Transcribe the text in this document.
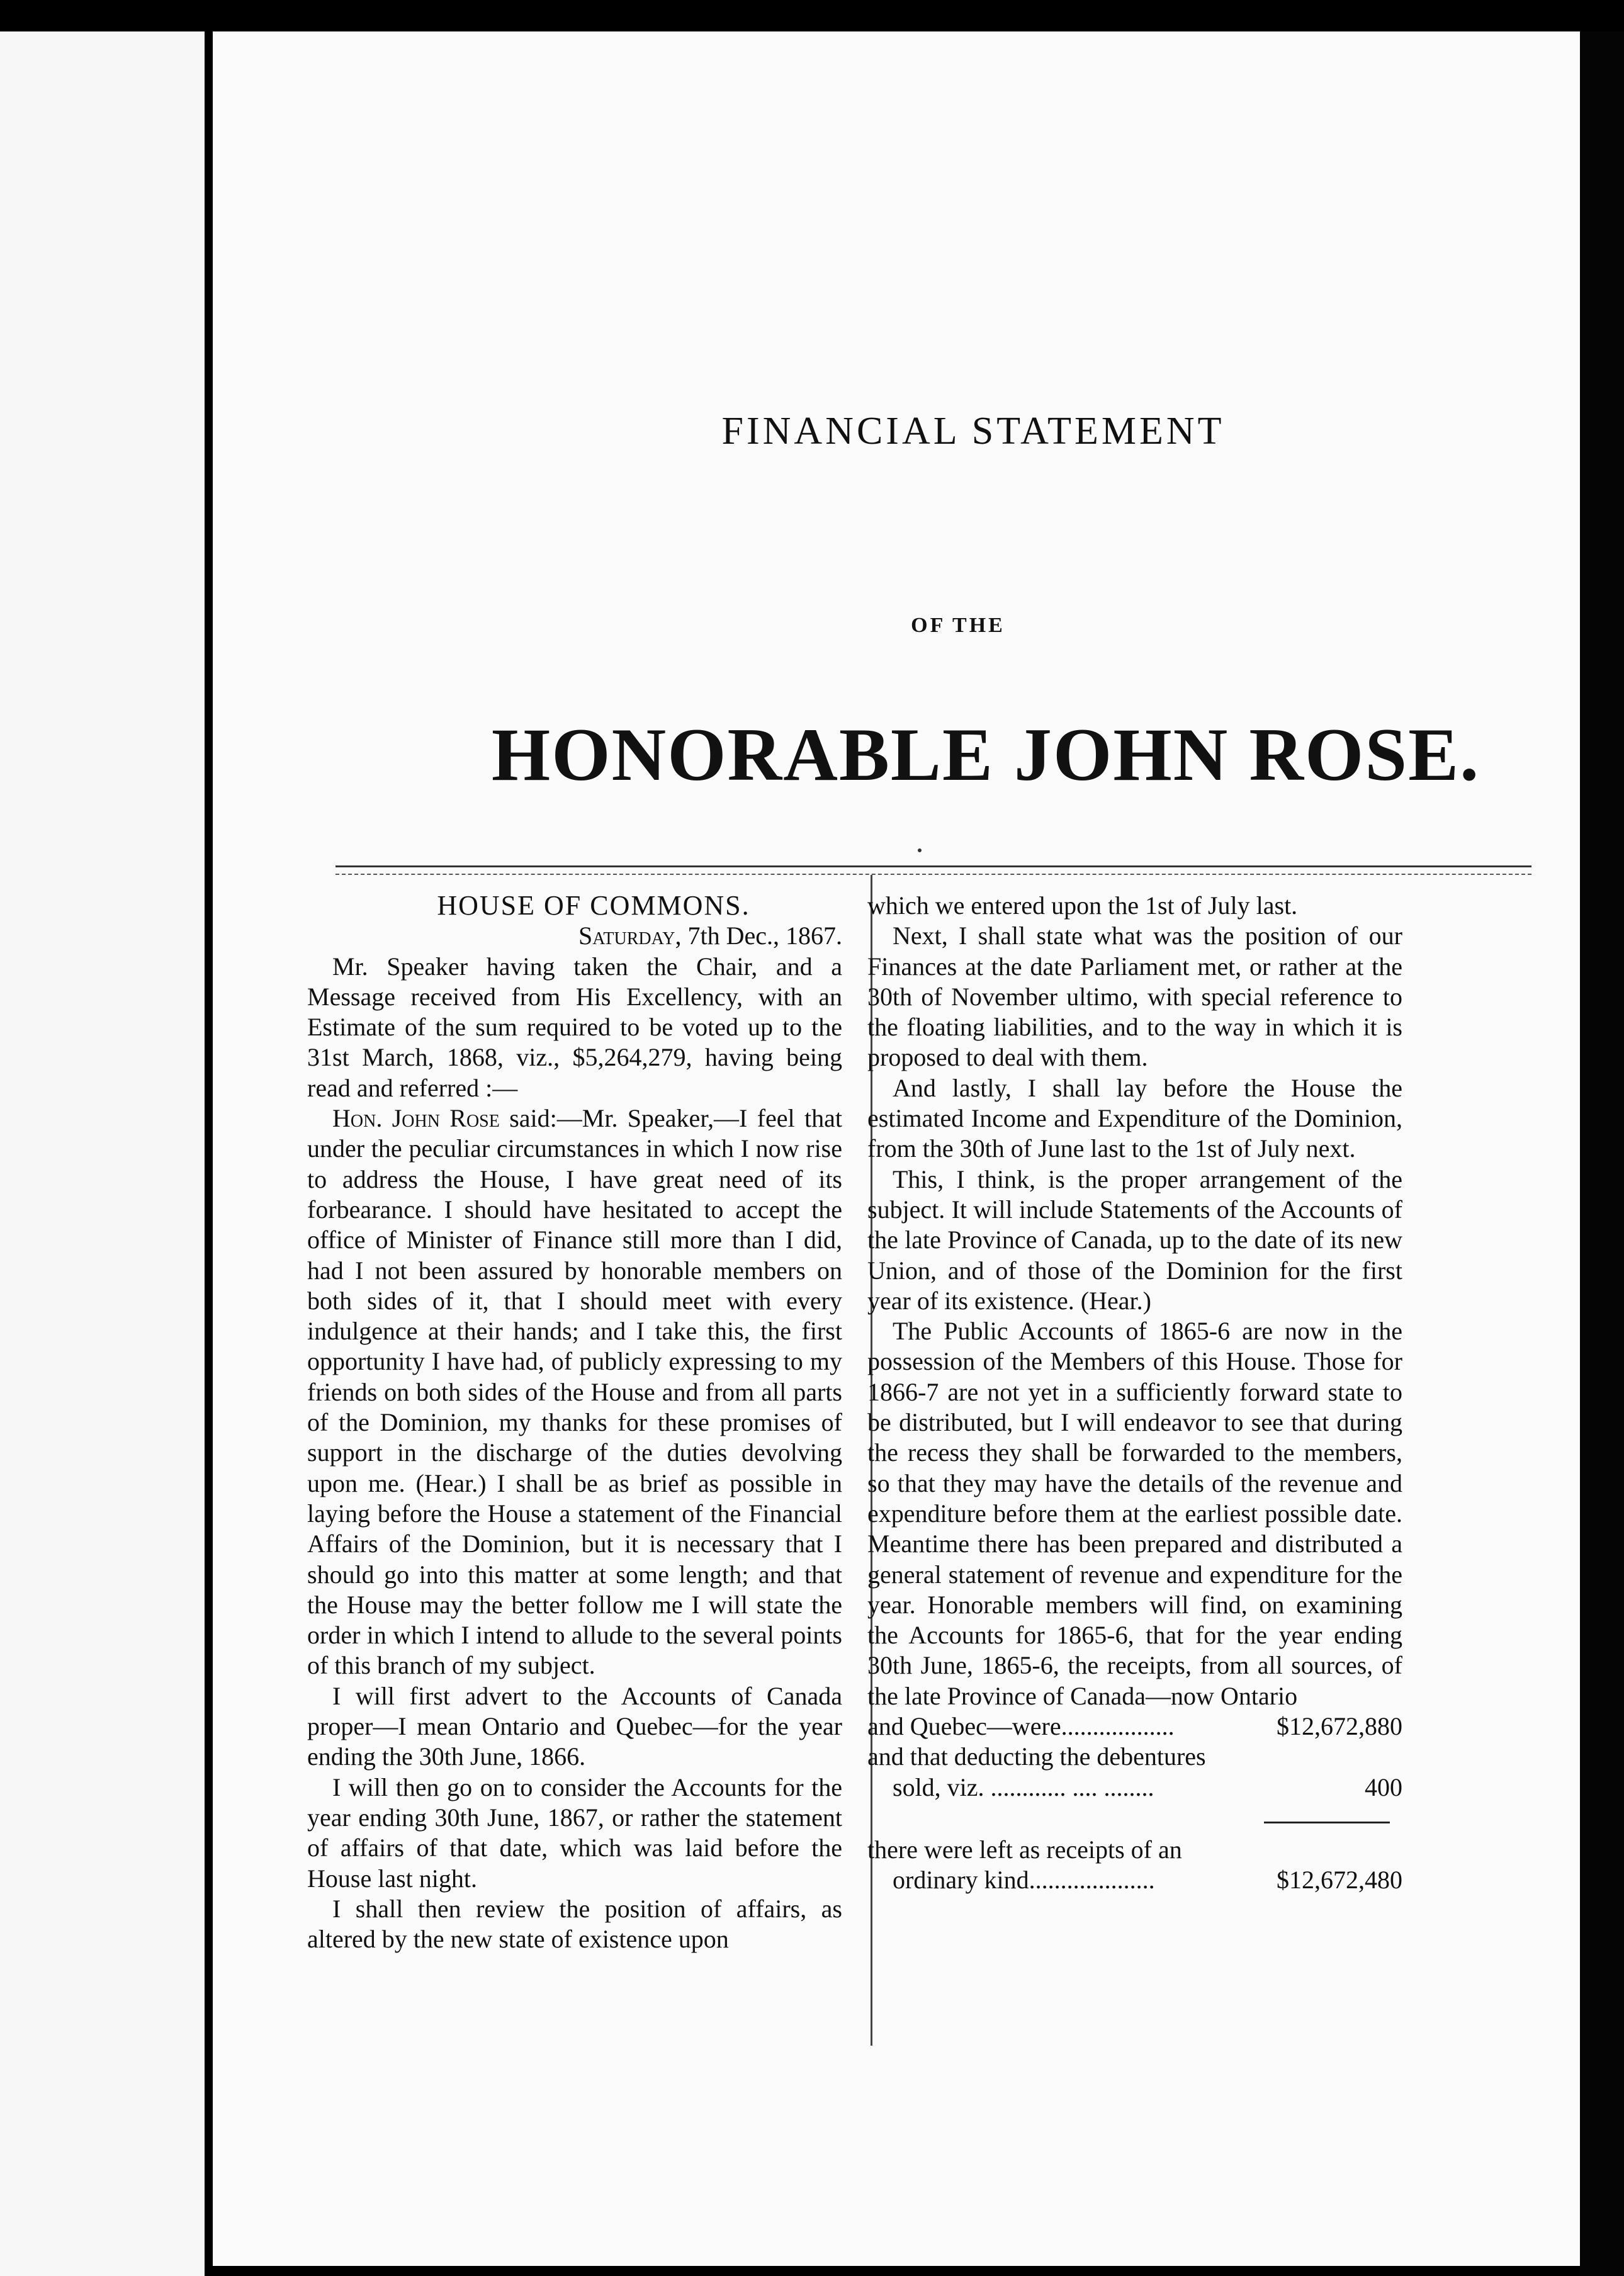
FINANCIAL STATEMENT
OF THE
HONORABLE JOHN ROSE.
HOUSE OF COMMONS.
Saturday, 7th Dec., 1867.

Mr. Speaker having taken the Chair, and a Message received from His Excellency, with an Estimate of the sum required to be voted up to the 31st March, 1868, viz., $5,264,279, having being read and referred :—

Hon. John Rose said:—Mr. Speaker,—I feel that under the peculiar circumstances in which I now rise to address the House, I have great need of its forbearance. I should have hesitated to accept the office of Minister of Finance still more than I did, had I not been assured by honorable members on both sides of it, that I should meet with every indulgence at their hands; and I take this, the first opportunity I have had, of publicly expressing to my friends on both sides of the House and from all parts of the Dominion, my thanks for these promises of support in the discharge of the duties devolving upon me. (Hear.) I shall be as brief as possible in laying before the House a statement of the Financial Affairs of the Dominion, but it is necessary that I should go into this matter at some length; and that the House may the better follow me I will state the order in which I intend to allude to the several points of this branch of my subject.

I will first advert to the Accounts of Canada proper—I mean Ontario and Quebec—for the year ending the 30th June, 1866.

I will then go on to consider the Accounts for the year ending 30th June, 1867, or rather the statement of affairs of that date, which was laid before the House last night.

I shall then review the position of affairs, as altered by the new state of existence upon

which we entered upon the 1st of July last.

Next, I shall state what was the position of our Finances at the date Parliament met, or rather at the 30th of November ultimo, with special reference to the floating liabilities, and to the way in which it is proposed to deal with them.

And lastly, I shall lay before the House the estimated Income and Expenditure of the Dominion, from the 30th of June last to the 1st of July next.

This, I think, is the proper arrangement of the subject. It will include Statements of the Accounts of the late Province of Canada, up to the date of its new Union, and of those of the Dominion for the first year of its existence. (Hear.)

The Public Accounts of 1865-6 are now in the possession of the Members of this House. Those for 1866-7 are not yet in a sufficiently forward state to be distributed, but I will endeavor to see that during the recess they shall be forwarded to the members, so that they may have the details of the revenue and expenditure before them at the earliest possible date. Meantime there has been prepared and distributed a general statement of revenue and expenditure for the year. Honorable members will find, on examining the Accounts for 1865-6, that for the year ending 30th June, 1865-6, the receipts, from all sources, of the late Province of Canada—now Ontario

and Quebec—were..................	$12,672,880
and that deducting the debentures
sold, viz. ............ .... ........	400
there were left as receipts of an
ordinary kind....................	$12,672,480
